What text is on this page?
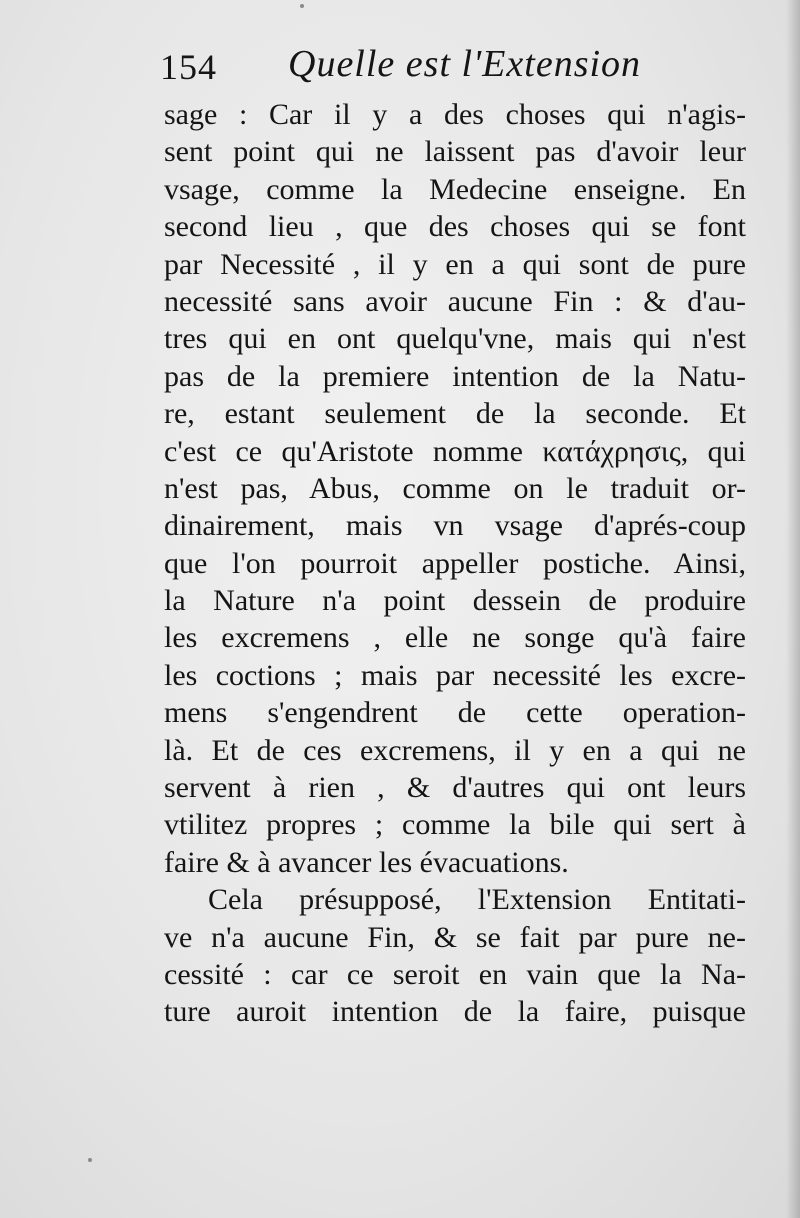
154 Quelle est l'Extension
sage : Car il y a des choses qui n'agis-
sent point qui ne laissent pas d'avoir leur
vsage, comme la Medecine enseigne. En
second lieu , que des choses qui se font
par Necessité , il y en a qui sont de pure
necessité sans avoir aucune Fin : & d'au-
tres qui en ont quelqu'vne, mais qui n'est
pas de la premiere intention de la Natu-
re, estant seulement de la seconde. Et
c'est ce qu'Aristote nomme κατάχρησις, qui
n'est pas, Abus, comme on le traduit or-
dinairement, mais vn vsage d'aprés-coup
que l'on pourroit appeller postiche. Ainsi,
la Nature n'a point dessein de produire
les excremens , elle ne songe qu'à faire
les coctions ; mais par necessité les excre-
mens s'engendrent de cette operation-
là. Et de ces excremens, il y en a qui ne
servent à rien , & d'autres qui ont leurs
vtilitez propres ; comme la bile qui sert à
faire & à avancer les évacuations.
Cela présupposé, l'Extension Entitati-
ve n'a aucune Fin, & se fait par pure ne-
cessité : car ce seroit en vain que la Na-
ture auroit intention de la faire, puisque
